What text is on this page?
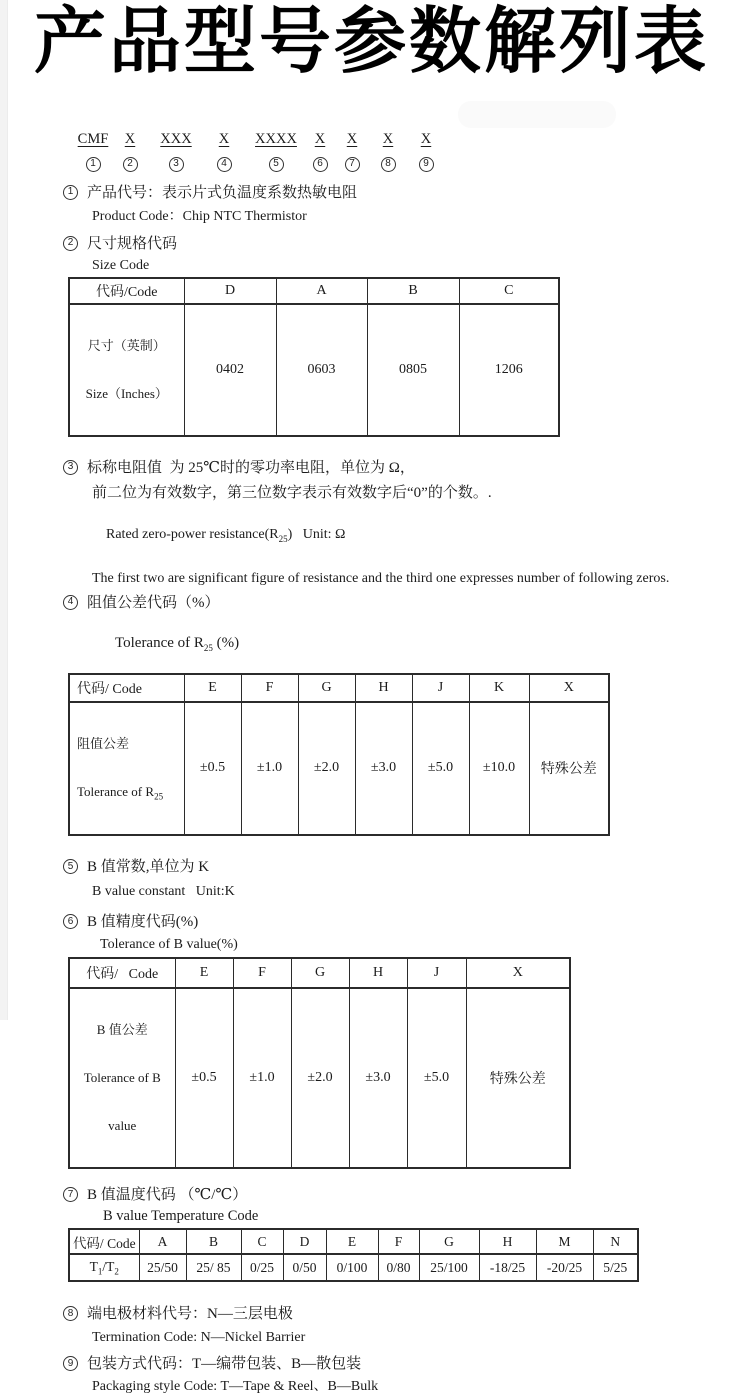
产品型号参数解列表
CMF	X	XXX	X	XXXX	X	X	X	X
1	2	3	4	5	6	7	8	9
1 产品代号：表示片式负温度系数热敏电阻
Product Code：Chip NTC Thermistor
2 尺寸规格代码
Size Code
代码/Code	D	A	B	C

尺寸（英制）

Size（Inches）	0402	0603	0805	1206
3 标称电阻值  为 25℃时的零功率电阻，单位为 Ω，
前二位为有效数字，第三位数字表示有效数字后“0”的个数。.

Rated zero-power $resistance(R_{25})$   Unit: Ω

The first two are significant figure of resistance and the third one expresses number of following zeros.
4 阻值公差代码（%）

Tolerance of $R_{25}$ (%)

代码/ Code	E	F	G	H	J	K	X

阻值公差

Tolerance of $R_{25}$	±0.5	±1.0	±2.0	±3.0	±5.0	±10.0	特殊公差
5 B 值常数,单位为 K
B value constant   Unit:K
6 B 值精度代码(%)
Tolerance of B value(%)
代码/   Code	E	F	G	H	J	X

B 值公差

Tolerance of B

value	±0.5	±1.0	±2.0	±3.0	±5.0	特殊公差
7 B 值温度代码 （℃/℃）
B value Temperature Code
代码/ Code	A	B	C	D	E	F	G	H	M	N
$T_1/T_2$	25/50	25/ 85	0/25	0/50	0/100	0/80	25/100	-18/25	-20/25	5/25
8 端电极材料代号：N—三层电极
Termination Code: N—Nickel Barrier
9 包装方式代码：T—编带包装、B—散包装
Packaging style Code: T—Tape & Reel、B—Bulk
